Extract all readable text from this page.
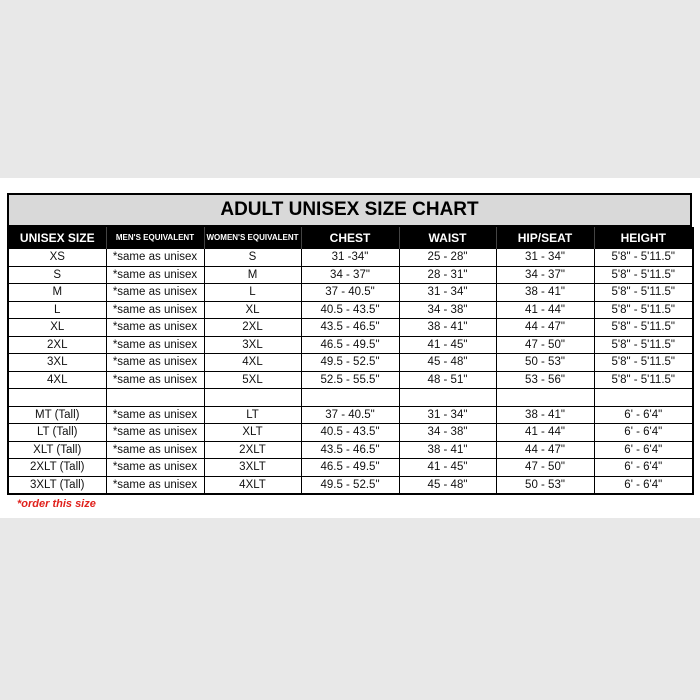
ADULT UNISEX SIZE CHART
UNISEX SIZE	MEN'S EQUIVALENT	WOMEN'S EQUIVALENT	CHEST	WAIST	HIP/SEAT	HEIGHT
XS	*same as unisex	S	31 -34"	25 - 28"	31 - 34"	5'8" - 5'11.5"
S	*same as unisex	M	34 - 37"	28 - 31"	34 - 37"	5'8" - 5'11.5"
M	*same as unisex	L	37 - 40.5"	31 - 34"	38 - 41"	5'8" - 5'11.5"
L	*same as unisex	XL	40.5 - 43.5"	34 - 38"	41 - 44"	5'8" - 5'11.5"
XL	*same as unisex	2XL	43.5 - 46.5"	38 - 41"	44 - 47"	5'8" - 5'11.5"
2XL	*same as unisex	3XL	46.5 - 49.5"	41 - 45"	47 - 50"	5'8" - 5'11.5"
3XL	*same as unisex	4XL	49.5 - 52.5"	45 - 48"	50 - 53"	5'8" - 5'11.5"
4XL	*same as unisex	5XL	52.5 - 55.5"	48 - 51"	53 - 56"	5'8" - 5'11.5"

MT (Tall)	*same as unisex	LT	37 - 40.5"	31 - 34"	38 - 41"	6' - 6'4"
LT (Tall)	*same as unisex	XLT	40.5 - 43.5"	34 - 38"	41 - 44"	6' - 6'4"
XLT (Tall)	*same as unisex	2XLT	43.5 - 46.5"	38 - 41"	44 - 47"	6' - 6'4"
2XLT (Tall)	*same as unisex	3XLT	46.5 - 49.5"	41 - 45"	47 - 50"	6' - 6'4"
3XLT (Tall)	*same as unisex	4XLT	49.5 - 52.5"	45 - 48"	50 - 53"	6' - 6'4"
*order this size
